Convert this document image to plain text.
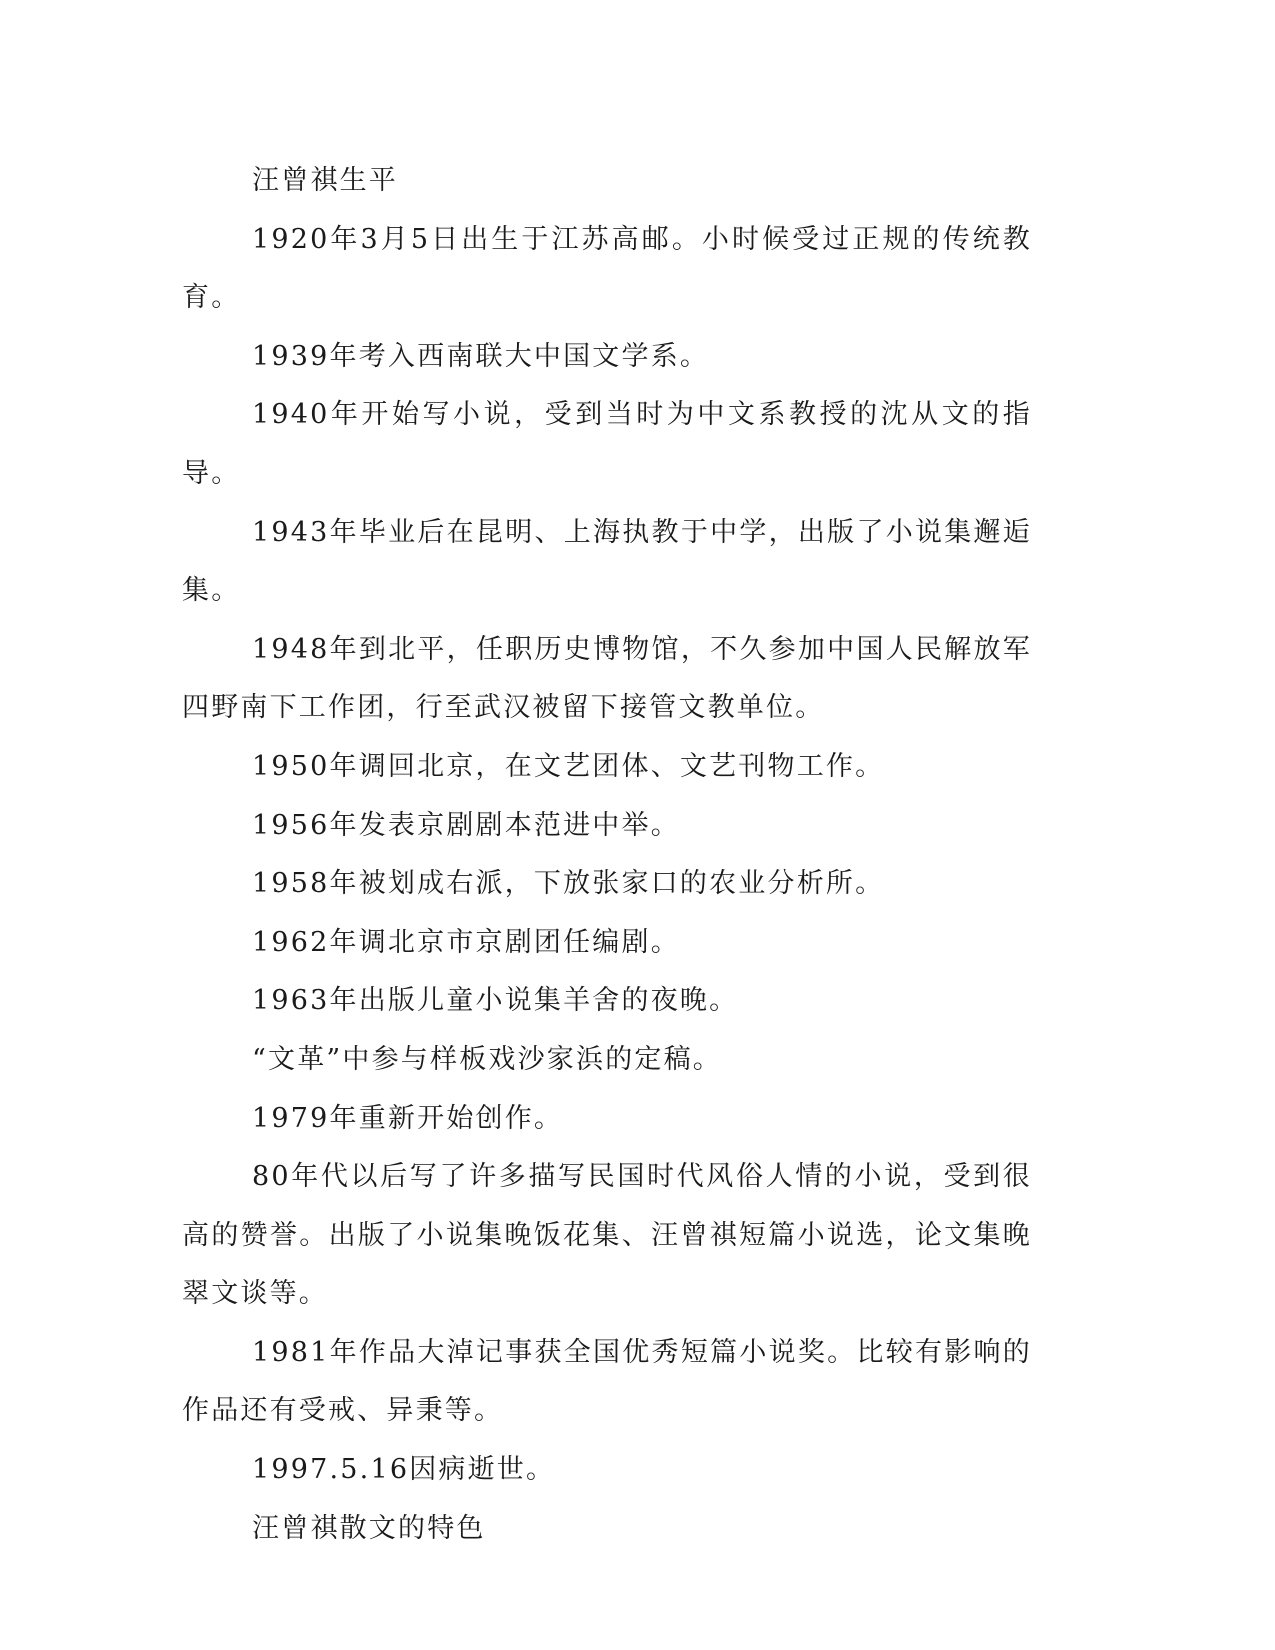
汪曾祺生平

1920年3月5日出生于江苏高邮。小时候受过正规的传统教育。

1939年考入西南联大中国文学系。

1940年开始写小说，受到当时为中文系教授的沈从文的指导。

1943年毕业后在昆明、上海执教于中学，出版了小说集邂逅集。

1948年到北平，任职历史博物馆，不久参加中国人民解放军四野南下工作团，行至武汉被留下接管文教单位。

1950年调回北京，在文艺团体、文艺刊物工作。

1956年发表京剧剧本范进中举。

1958年被划成右派，下放张家口的农业分析所。

1962年调北京市京剧团任编剧。

1963年出版儿童小说集羊舍的夜晚。

“文革”中参与样板戏沙家浜的定稿。

1979年重新开始创作。

80年代以后写了许多描写民国时代风俗人情的小说，受到很高的赞誉。出版了小说集晚饭花集、汪曾祺短篇小说选，论文集晚翠文谈等。

1981年作品大淖记事获全国优秀短篇小说奖。比较有影响的作品还有受戒、异秉等。

1997.5.16因病逝世。

汪曾祺散文的特色
